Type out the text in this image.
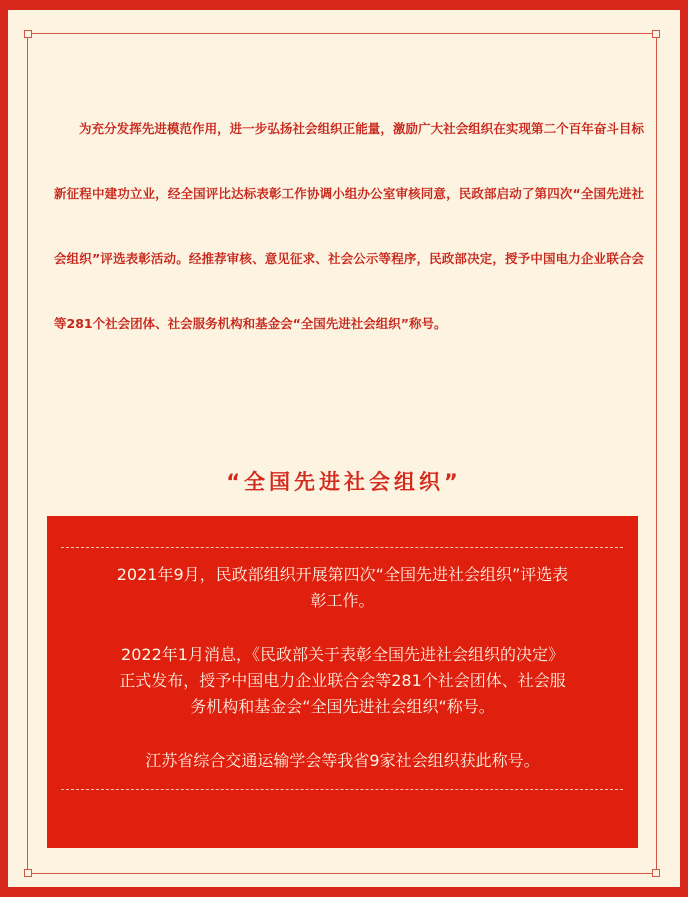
为充分发挥先进模范作用，进一步弘扬社会组织正能量，激励广大社会组织在实现第二个百年奋斗目标新征程中建功立业，经全国评比达标表彰工作协调小组办公室审核同意，民政部启动了第四次“全国先进社会组织”评选表彰活动。经推荐审核、意见征求、社会公示等程序，民政部决定，授予中国电力企业联合会等281个社会团体、社会服务机构和基金会“全国先进社会组织”称号。

“全国先进社会组织”

2021年9月，民政部组织开展第四次“全国先进社会组织”评选表
彰工作。

2022年1月消息，《民政部关于表彰全国先进社会组织的决定》
正式发布，授予中国电力企业联合会等281个社会团体、社会服
务机构和基金会“全国先进社会组织“称号。

江苏省综合交通运输学会等我省9家社会组织获此称号。
